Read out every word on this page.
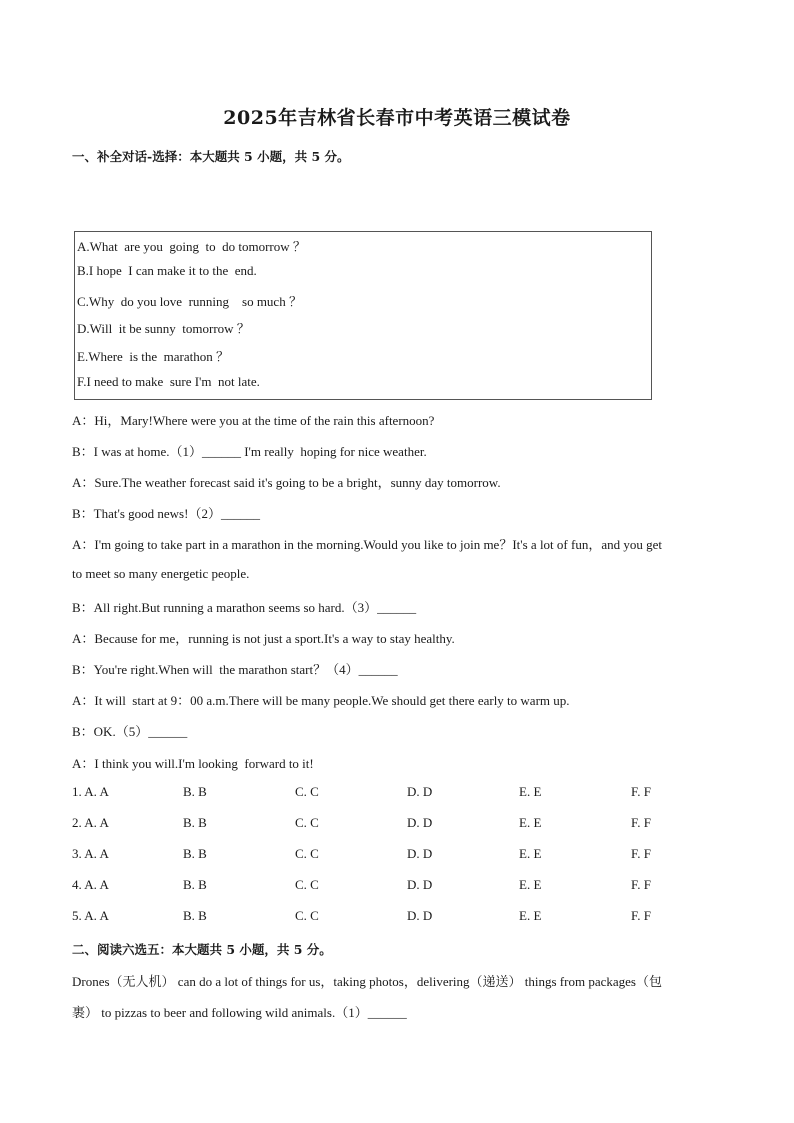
2025年吉林省长春市中考英语三模试卷
一、补全对话-选择：本大题共 5 小题，共 5 分。
A.What  are you  going  to  do tomorrow ？
B.I hope  I can make it to the  end.
C.Why  do you love  running    so much ？
D.Will  it be sunny  tomorrow ？
E.Where  is the  marathon ？
F.I need to make  sure I'm  not late.
A：Hi，Mary!Where were you at the time of the rain this afternoon?
B：I was at home.（1）______ I'm really  hoping for nice weather.
A：Sure.The weather forecast said it's going to be a bright，sunny day tomorrow.
B：That's good news!（2）______
A：I'm going to take part in a marathon in the morning.Would you like to join me？It's a lot of fun，and you get
to meet so many energetic people.
B：All right.But running a marathon seems so hard.（3）______
A：Because for me，running is not just a sport.It's a way to stay healthy.
B：You're right.When will  the marathon start？（4）______
A：It will  start at 9：00 a.m.There will be many people.We should get there early to warm up.
B：OK.（5）______
A：I think you will.I'm looking  forward to it!
1. A. A	B. B	C. C	D. D	E. E	F. F
2. A. A	B. B	C. C	D. D	E. E	F. F
3. A. A	B. B	C. C	D. D	E. E	F. F
4. A. A	B. B	C. C	D. D	E. E	F. F
5. A. A	B. B	C. C	D. D	E. E	F. F
二、阅读六选五：本大题共 5 小题，共 5 分。
Drones（无人机） can do a lot of things for us，taking photos，delivering（递送） things from packages（包
裹） to pizzas to beer and following wild animals.（1）______
